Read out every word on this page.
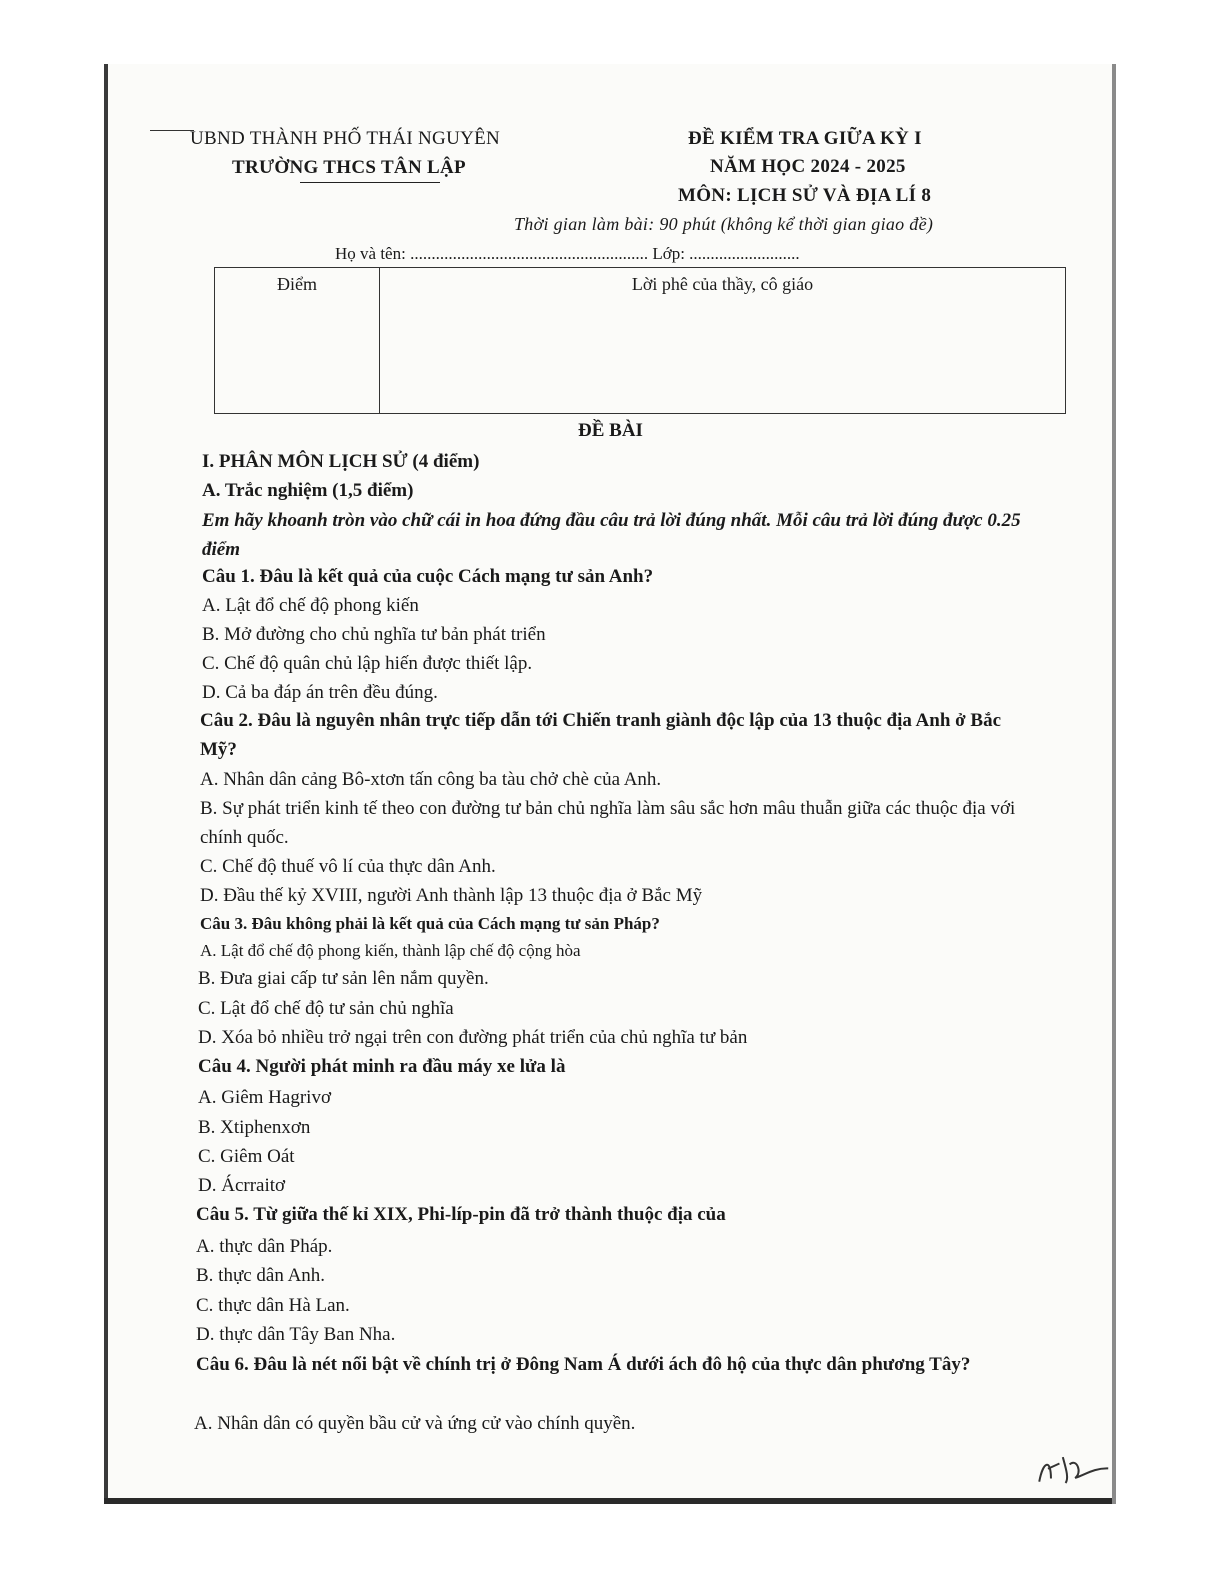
UBND THÀNH PHỐ THÁI NGUYÊN
TRƯỜNG THCS TÂN LẬP
ĐỀ KIỂM TRA GIỮA KỲ I
NĂM HỌC 2024 - 2025
MÔN: LỊCH SỬ VÀ ĐỊA LÍ 8
Thời gian làm bài: 90 phút (không kể thời gian giao đề)
Họ và tên: ........................................................ Lớp: ..........................
Điểm	Lời phê của thầy, cô giáo
ĐỀ BÀI
I. PHÂN MÔN LỊCH SỬ (4 điểm)
A. Trắc nghiệm (1,5 điểm)
Em hãy khoanh tròn vào chữ cái in hoa đứng đầu câu trả lời đúng nhất. Mỗi câu trả lời đúng được 0.25 điểm
Câu 1. Đâu là kết quả của cuộc Cách mạng tư sản Anh?
A. Lật đổ chế độ phong kiến
B. Mở đường cho chủ nghĩa tư bản phát triển
C. Chế độ quân chủ lập hiến được thiết lập.
D. Cả ba đáp án trên đều đúng.
Câu 2. Đâu là nguyên nhân trực tiếp dẫn tới Chiến tranh giành độc lập của 13 thuộc địa Anh ở Bắc Mỹ?
A. Nhân dân cảng Bô-xtơn tấn công ba tàu chở chè của Anh.
B. Sự phát triển kinh tế theo con đường tư bản chủ nghĩa làm sâu sắc hơn mâu thuẫn giữa các thuộc địa với chính quốc.
C. Chế độ thuế vô lí của thực dân Anh.
D. Đầu thế kỷ XVIII, người Anh thành lập 13 thuộc địa ở Bắc Mỹ
Câu 3. Đâu không phải là kết quả của Cách mạng tư sản Pháp?
A. Lật đổ chế độ phong kiến, thành lập chế độ cộng hòa
B. Đưa giai cấp tư sản lên nắm quyền.
C. Lật đổ chế độ tư sản chủ nghĩa
D. Xóa bỏ nhiều trở ngại trên con đường phát triển của chủ nghĩa tư bản
Câu 4. Người phát minh ra đầu máy xe lửa là
A. Giêm Hagrivơ
B. Xtiphenxơn
C. Giêm Oát
D. Ácrraitơ
Câu 5. Từ giữa thế kỉ XIX, Phi-líp-pin đã trở thành thuộc địa của
A. thực dân Pháp.
B. thực dân Anh.
C. thực dân Hà Lan.
D. thực dân Tây Ban Nha.
Câu 6. Đâu là nét nổi bật về chính trị ở Đông Nam Á dưới ách đô hộ của thực dân phương Tây?
A. Nhân dân có quyền bầu cử và ứng cử vào chính quyền.
